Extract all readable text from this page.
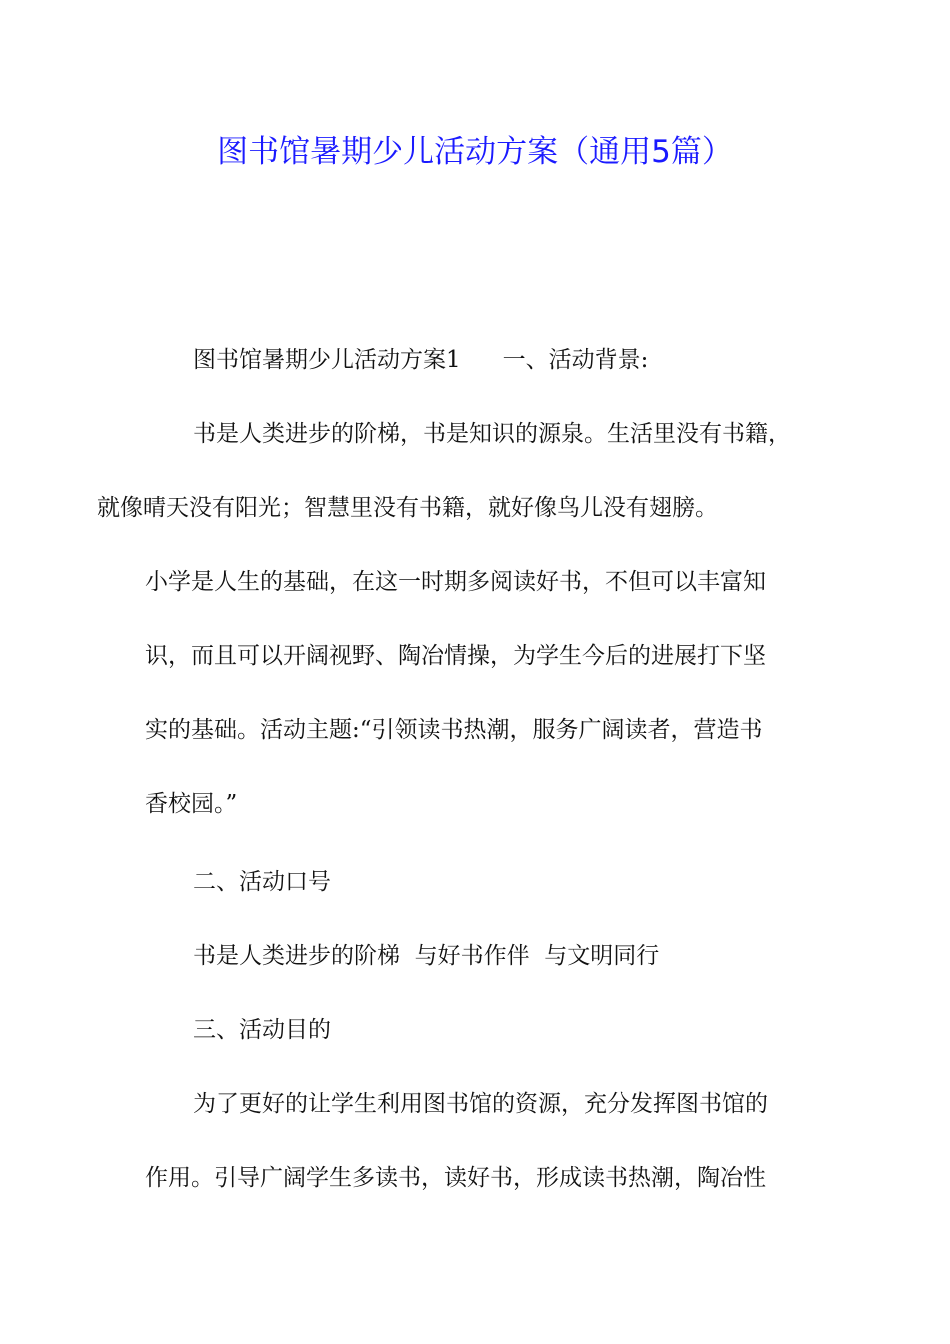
图书馆暑期少儿活动方案（通用5篇）
图书馆暑期少儿活动方案1 一、活动背景:
书是人类进步的阶梯，书是知识的源泉。生活里没有书籍，
就像晴天没有阳光；智慧里没有书籍，就好像鸟儿没有翅膀。
小学是人生的基础，在这一时期多阅读好书，不但可以丰富知
识，而且可以开阔视野、陶冶情操，为学生今后的进展打下坚
实的基础。活动主题:“引领读书热潮，服务广阔读者，营造书
香校园。”
二、活动口号
书是人类进步的阶梯  与好书作伴  与文明同行
三、活动目的
为了更好的让学生利用图书馆的资源，充分发挥图书馆的
作用。引导广阔学生多读书，读好书，形成读书热潮，陶冶性
